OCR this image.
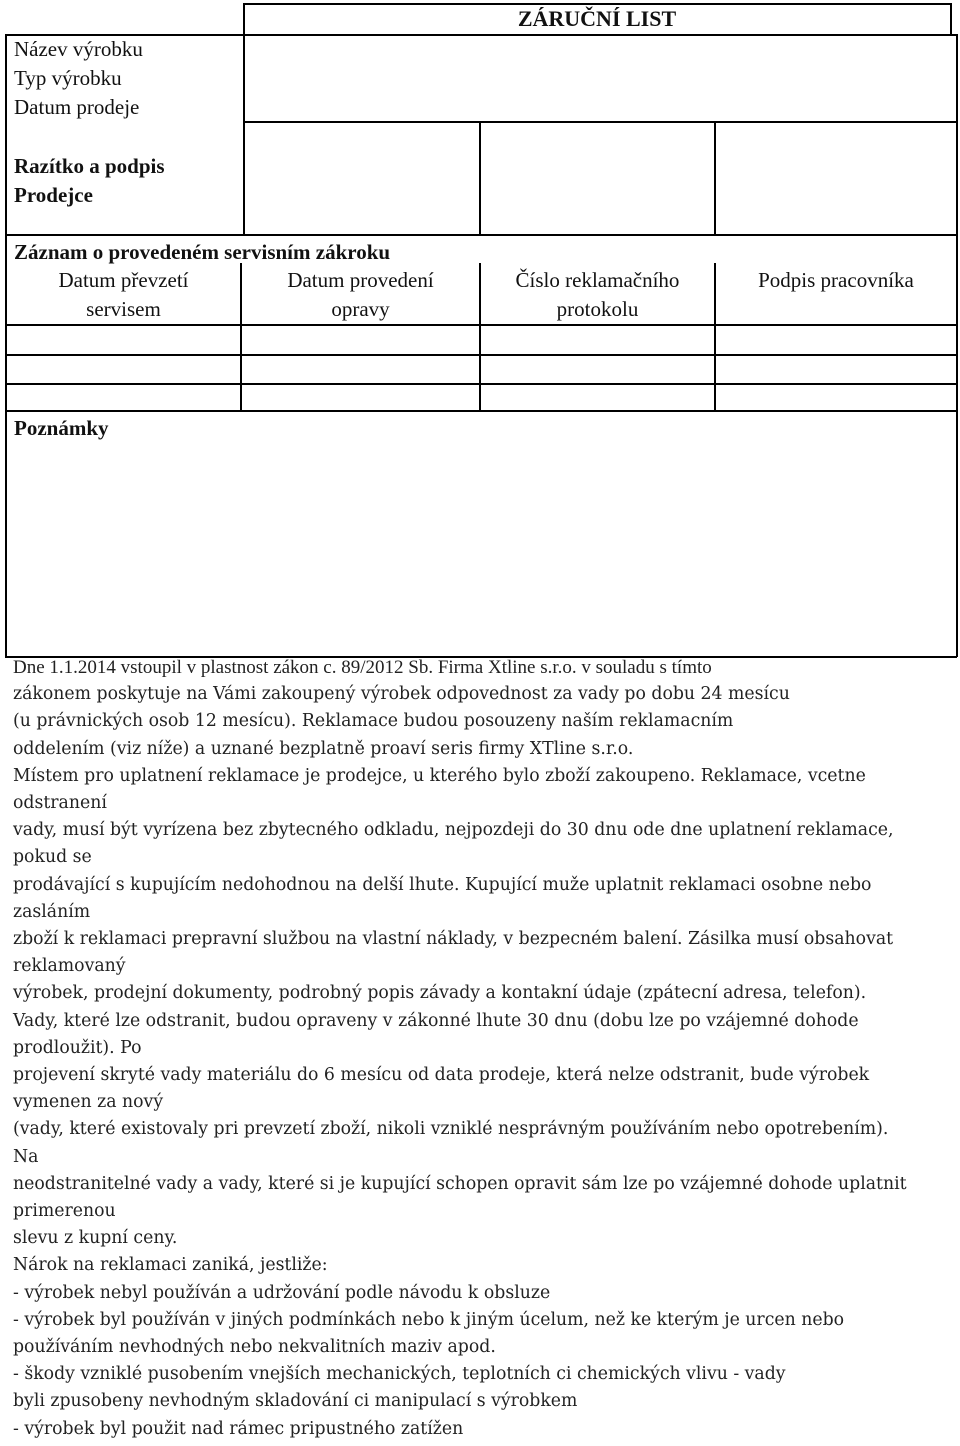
ZÁRUČNÍ LIST
Název výrobku
Typ výrobku
Datum prodeje
Razítko a podpis
Prodejce
Záznam o provedeném servisním zákroku
Datum převzetí
servisem
Datum provedení
opravy
Číslo reklamačního
protokolu
Podpis pracovníka
Poznámky
Dne 1.1.2014 vstoupil v plastnost zákon c. 89/2012 Sb. Firma Xtline s.r.o. v souladu s tímto
zákonem poskytuje na Vámi zakoupený výrobek odpovednost za vady po dobu 24 mesícu
(u právnických osob 12 mesícu). Reklamace budou posouzeny naším reklamacním
oddelením (viz níže) a uznané bezplatně proaví seris firmy XTline s.r.o.
Místem pro uplatnení reklamace je prodejce, u kterého bylo zboží zakoupeno. Reklamace, vcetne
odstranení
vady, musí být vyrízena bez zbytecného odkladu, nejpozdeji do 30 dnu ode dne uplatnení reklamace,
pokud se
prodávající s kupujícím nedohodnou na delší lhute. Kupující muže uplatnit reklamaci osobne nebo
zasláním
zboží k reklamaci prepravní službou na vlastní náklady, v bezpecném balení. Zásilka musí obsahovat
reklamovaný
výrobek, prodejní dokumenty, podrobný popis závady a kontakní údaje (zpátecní adresa, telefon).
Vady, které lze odstranit, budou opraveny v zákonné lhute 30 dnu (dobu lze po vzájemné dohode
prodloužit). Po
projevení skryté vady materiálu do 6 mesícu od data prodeje, která nelze odstranit, bude výrobek
vymenen za nový
(vady, které existovaly pri prevzetí zboží, nikoli vzniklé nesprávným používáním nebo opotrebením).
Na
neodstranitelné vady a vady, které si je kupující schopen opravit sám lze po vzájemné dohode uplatnit
primerenou
slevu z kupní ceny.
Nárok na reklamaci zaniká, jestliže:
- výrobek nebyl používán a udržování podle návodu k obsluze
- výrobek byl používán v jiných podmínkách nebo k jiným úcelum, než ke kterým je urcen nebo
používáním nevhodných nebo nekvalitních maziv apod.
- škody vzniklé pusobením vnejších mechanických, teplotních ci chemických vlivu - vady
byli zpusobeny nevhodným skladování ci manipulací s výrobkem
- výrobek byl použit nad rámec pripustného zatížen
